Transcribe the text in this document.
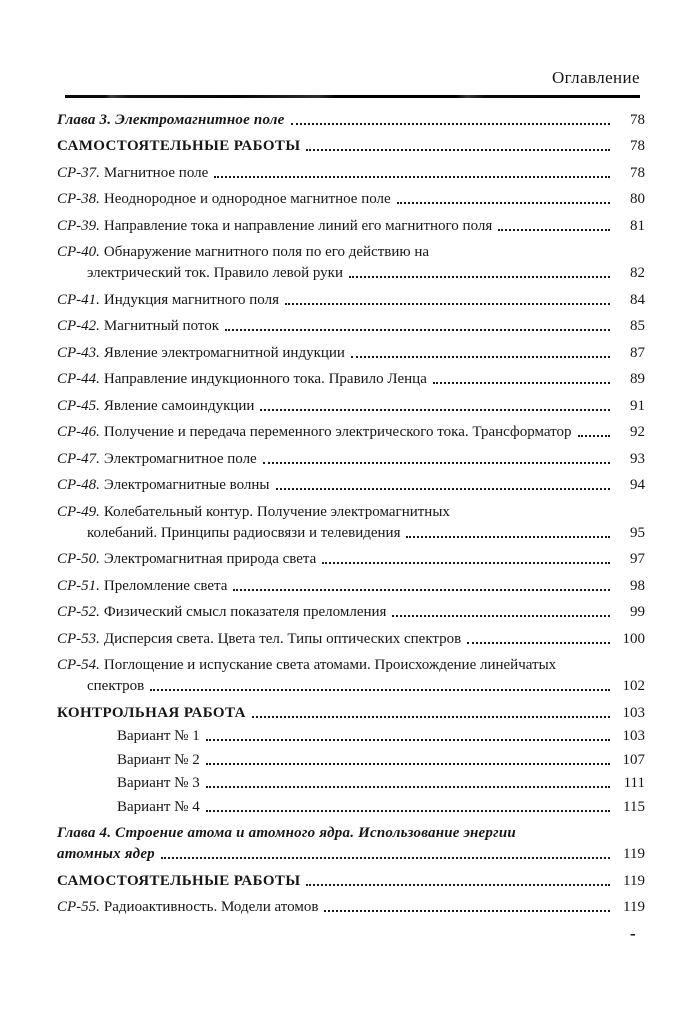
Оглавление
Глава 3. Электромагнитное поле	78
САМОСТОЯТЕЛЬНЫЕ РАБОТЫ	78
СР-37. Магнитное поле	78
СР-38. Неоднородное и однородное магнитное поле	80
СР-39. Направление тока и направление линий его магнитного поля	81
СР-40. Обнаружение магнитного поля по его действию на
электрический ток. Правило левой руки	82
СР-41. Индукция магнитного поля	84
СР-42. Магнитный поток	85
СР-43. Явление электромагнитной индукции	87
СР-44. Направление индукционного тока. Правило Ленца	89
СР-45. Явление самоиндукции	91
СР-46. Получение и передача переменного электрического тока. Трансформатор	92
СР-47. Электромагнитное поле	93
СР-48. Электромагнитные волны	94
СР-49. Колебательный контур. Получение электромагнитных
колебаний. Принципы радиосвязи и телевидения	95
СР-50. Электромагнитная природа света	97
СР-51. Преломление света	98
СР-52. Физический смысл показателя преломления	99
СР-53. Дисперсия света. Цвета тел. Типы оптических спектров	100
СР-54. Поглощение и испускание света атомами. Происхождение линейчатых
спектров	102
КОНТРОЛЬНАЯ РАБОТА	103
Вариант № 1	103
Вариант № 2	107
Вариант № 3	111
Вариант № 4	115
Глава 4. Строение атома и атомного ядра. Использование энергии
атомных ядер	119
САМОСТОЯТЕЛЬНЫЕ РАБОТЫ	119
СР-55. Радиоактивность. Модели атомов	119
-
